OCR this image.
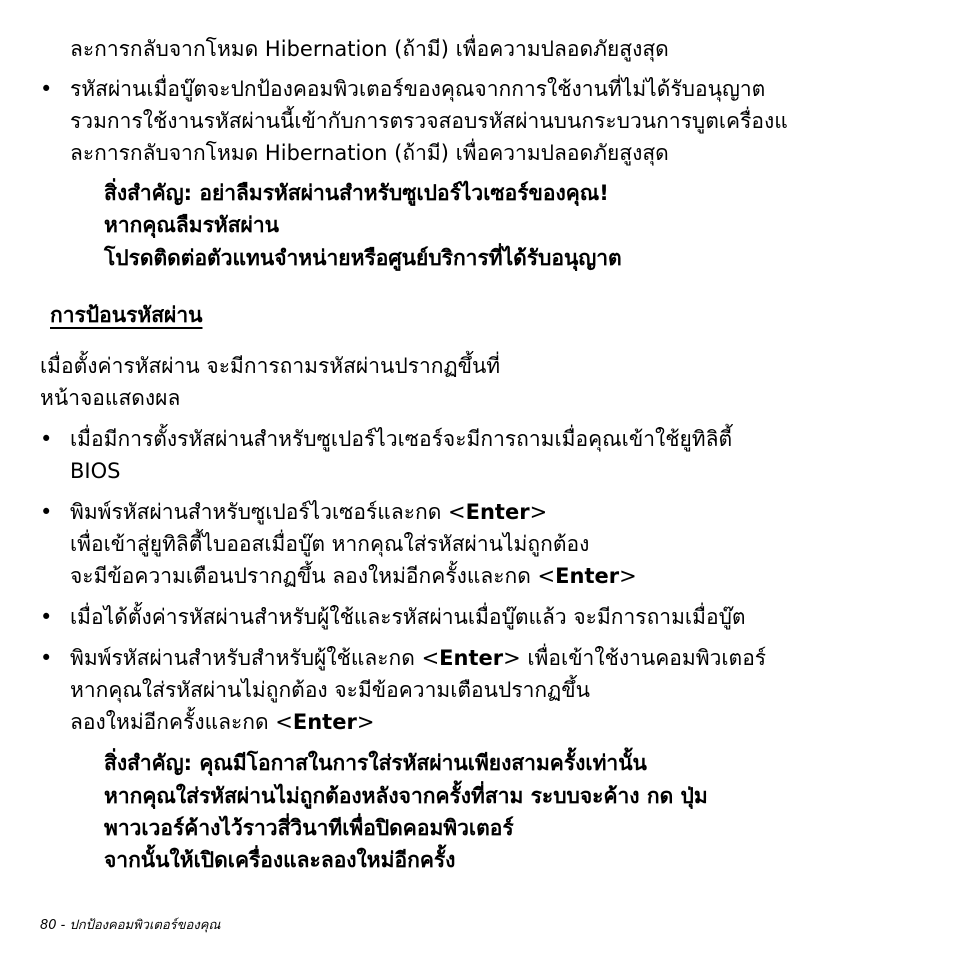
ละการกลับจากโหมด Hibernation (ถ้ามี) เพื่อความปลอดภัยสูงสุด
• รหัสผ่านเมื่อบู๊ตจะปกป้องคอมพิวเตอร์ของคุณจากการใช้งานที่ไม่ได้รับอนุญาต
รวมการใช้งานรหัสผ่านนี้เข้ากับการตรวจสอบรหัสผ่านบนกระบวนการบูตเครื่องแ
ละการกลับจากโหมด Hibernation (ถ้ามี) เพื่อความปลอดภัยสูงสุด
สิ่งสำคัญ: อย่าลืมรหัสผ่านสำหรับซูเปอร์ไวเซอร์ของคุณ!
หากคุณลืมรหัสผ่าน
โปรดติดต่อตัวแทนจำหน่ายหรือศูนย์บริการที่ได้รับอนุญาต
การป้อนรหัสผ่าน
เมื่อตั้งค่ารหัสผ่าน จะมีการถามรหัสผ่านปรากฏขึ้นที่
หน้าจอแสดงผล
• เมื่อมีการตั้งรหัสผ่านสำหรับซูเปอร์ไวเซอร์จะมีการถามเมื่อคุณเข้าใช้ยูทิลิตี้
BIOS
• พิมพ์รหัสผ่านสำหรับซูเปอร์ไวเซอร์และกด <Enter>
เพื่อเข้าสู่ยูทิลิตี้ไบออสเมื่อบู๊ต หากคุณใส่รหัสผ่านไม่ถูกต้อง
จะมีข้อความเตือนปรากฏขึ้น ลองใหม่อีกครั้งและกด <Enter>
• เมื่อได้ตั้งค่ารหัสผ่านสำหรับผู้ใช้และรหัสผ่านเมื่อบู๊ตแล้ว จะมีการถามเมื่อบู๊ต
• พิมพ์รหัสผ่านสำหรับสำหรับผู้ใช้และกด <Enter> เพื่อเข้าใช้งานคอมพิวเตอร์
หากคุณใส่รหัสผ่านไม่ถูกต้อง จะมีข้อความเตือนปรากฏขึ้น
ลองใหม่อีกครั้งและกด <Enter>
สิ่งสำคัญ: คุณมีโอกาสในการใส่รหัสผ่านเพียงสามครั้งเท่านั้น
หากคุณใส่รหัสผ่านไม่ถูกต้องหลังจากครั้งที่สาม ระบบจะค้าง กด ปุ่ม
พาวเวอร์ค้างไว้ราวสี่วินาทีเพื่อปิดคอมพิวเตอร์
จากนั้นให้เปิดเครื่องและลองใหม่อีกครั้ง
80 - ปกป้องคอมพิวเตอร์ของคุณ
